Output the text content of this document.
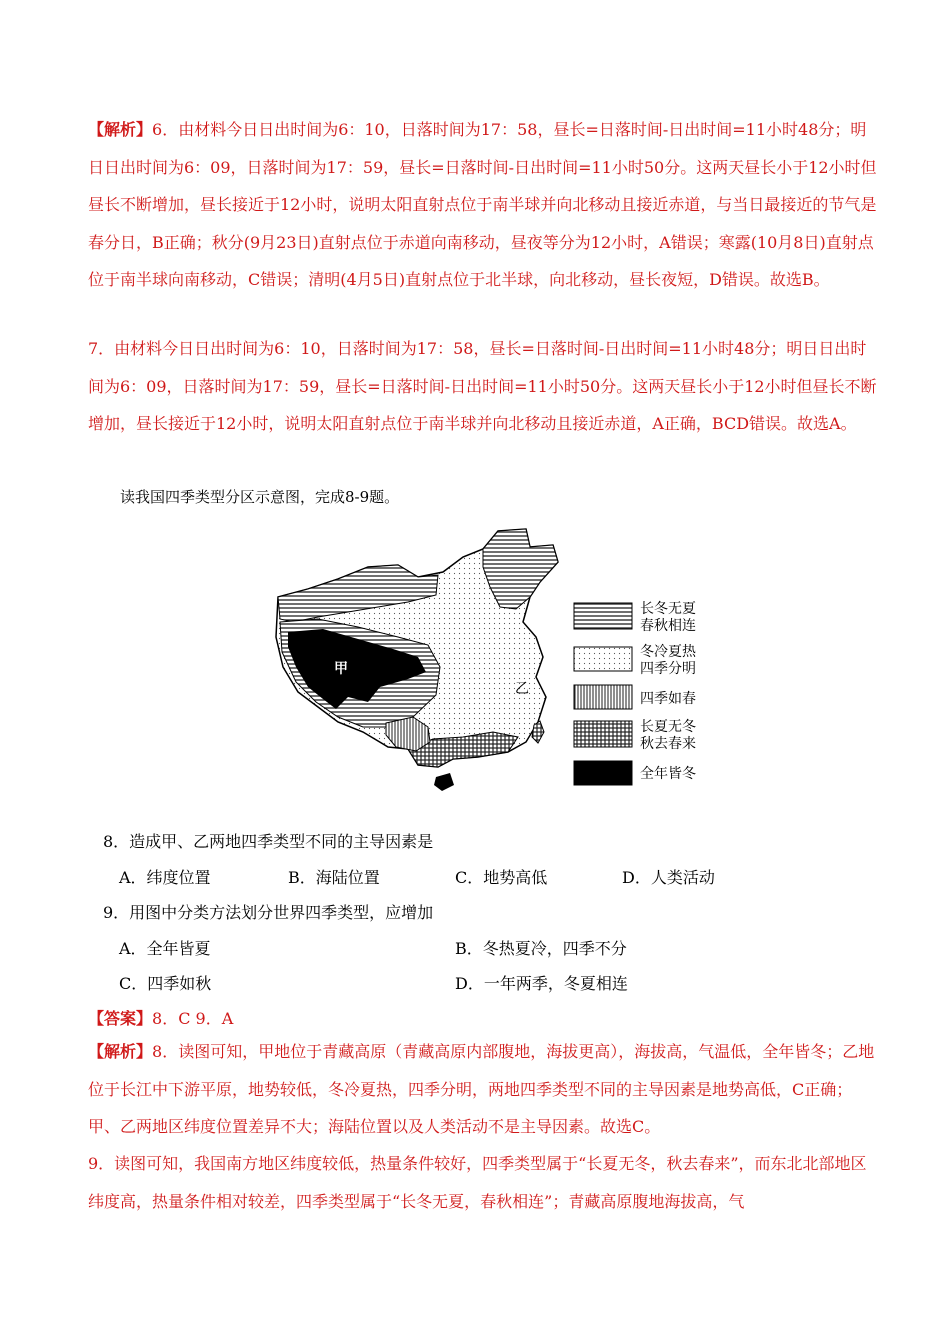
【解析】6．由材料今日日出时间为6：10，日落时间为17：58，昼长=日落时间-日出时间=11小时48分；明日日出时间为6：09，日落时间为17：59，昼长=日落时间-日出时间=11小时50分。这两天昼长小于12小时但昼长不断增加，昼长接近于12小时，说明太阳直射点位于南半球并向北移动且接近赤道，与当日最接近的节气是春分日，B正确；秋分(9月23日)直射点位于赤道向南移动，昼夜等分为12小时，A错误；寒露(10月8日)直射点位于南半球向南移动，C错误；清明(4月5日)直射点位于北半球，向北移动，昼长夜短，D错误。故选B。

7．由材料今日日出时间为6：10，日落时间为17：58，昼长=日落时间-日出时间=11小时48分；明日日出时间为6：09，日落时间为17：59，昼长=日落时间-日出时间=11小时50分。这两天昼长小于12小时但昼长不断增加，昼长接近于12小时，说明太阳直射点位于南半球并向北移动且接近赤道，A正确，BCD错误。故选A。

读我国四季类型分区示意图，完成8-9题。
甲
乙
长冬无夏
春秋相连
冬冷夏热
四季分明
四季如春
长夏无冬
秋去春来
全年皆冬
8．造成甲、乙两地四季类型不同的主导因素是
A．纬度位置	B．海陆位置	C．地势高低	D．人类活动
9．用图中分类方法划分世界四季类型，应增加
A．全年皆夏	B．冬热夏冷，四季不分
C．四季如秋	D．一年两季，冬夏相连
【答案】8．C 9．A

【解析】8．读图可知，甲地位于青藏高原（青藏高原内部腹地，海拔更高），海拔高，气温低，全年皆冬；乙地位于长江中下游平原，地势较低，冬冷夏热，四季分明，两地四季类型不同的主导因素是地势高低，C正确；甲、乙两地区纬度位置差异不大；海陆位置以及人类活动不是主导因素。故选C。

9．读图可知，我国南方地区纬度较低，热量条件较好，四季类型属于“长夏无冬，秋去春来”，而东北北部地区纬度高，热量条件相对较差，四季类型属于“长冬无夏，春秋相连”；青藏高原腹地海拔高，气
